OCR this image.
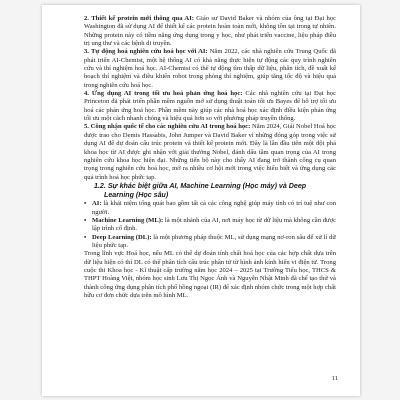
2. Thiết kế protein mới thông qua AI: Giáo sư David Baker và nhóm của ông tại Đại học Washington đã sử dụng AI để thiết kế các protein hoàn toàn mới, không tồn tại trong tự nhiên. Những protein này có tiềm năng ứng dụng trong y học, như phát triển vaccine, liệu pháp điều trị ung thư và các bệnh di truyền.

3. Tự động hoá nghiên cứu hoá học với AI: Năm 2022, các nhà nghiên cứu Trung Quốc đã phát triển AI-Chemist, một hệ thống AI có khả năng thực hiện tự động các quy trình nghiên cứu và thí nghiệm hoá học. AI-Chemist có thể tự động tìm thấp dữ liệu, phân tích, đề xuất kế hoạch thí nghiệm và điều khiển robot trong phòng thí nghiệm, giúp tăng tốc độ và hiệu quả trong nghiên cứu hoá học.

4. Ứng dụng AI trong tối ưu hoá phản ứng hoá học: Các nhà nghiên cứu tại Đại học Princeton đã phát triển phần mềm nguồn mở sử dụng thuật toán tối ưu Bayes để hỗ trợ tối ưu hoá các phản ứng hoá học. Phần mềm này giúp các nhà hoá học xác định điều kiện phản ứng tối ưu một cách nhanh chóng và hiệu quả hơn so với phương pháp truyền thống.

5. Công nhận quốc tế cho các nghiên cứu AI trong hoá học: Năm 2024, Giải Nobel Hoá học được trao cho Demis Hassabis, John Jumper và David Baker vì những đóng góp trong việc sử dụng AI để dự đoán cấu trúc protein và thiết kế protein mới. Đây là lần đầu tiên một đột phá khoa học từ AI được ghi nhận với giải thưởng Nobel, đánh dấu tầm quan trọng của AI trong nghiên cứu khoa học hiện đại. Những tiến bộ này cho thấy AI đang trở thành công cụ quan trọng trong nghiên cứu hoá học, mở ra nhiều cơ hội mới trong việc hiểu biết và ứng dụng các quá trình hoá học phức tạp.

1.2. Sự khác biệt giữa AI, Machine Learning (Học máy) và Deep
Learning (Học sâu)

• AI: là khái niệm tổng quát bao gồm tất cả các công nghệ giúp máy tính có trí tuệ như con người.

• Machine Learning (ML): là một nhánh của AI, nơi máy học từ dữ liệu mà không cần được lập trình cố định.

• Deep Learning (DL): là một phương pháp thuộc ML, sử dụng mạng nơ-ron sâu để xử lí dữ liệu phức tạp.

Trong lĩnh vực Hoá học, nếu ML có thể dự đoán tính chất hoá học của các hợp chất dựa trên dữ liệu hiện có thì DL có thể phân tích cấu trúc phân tử từ hình ảnh kính hiển vi điện tử. Trong cuộc thi Khoa học - Kĩ thuật cấp trường năm học 2024 – 2025 tại Trường Tiểu học, THCS & THPT Hoàng Việt, nhóm học sinh Lưu Thị Ngọc Ánh và Nguyễn Nhật Minh đã chế tạo thử và thành công ứng dụng phân tích phổ hồng ngoại (IR) để xác định nhóm chức trong một hợp chất hữu cơ đơn chức dựa trên mô hình ML.

11
